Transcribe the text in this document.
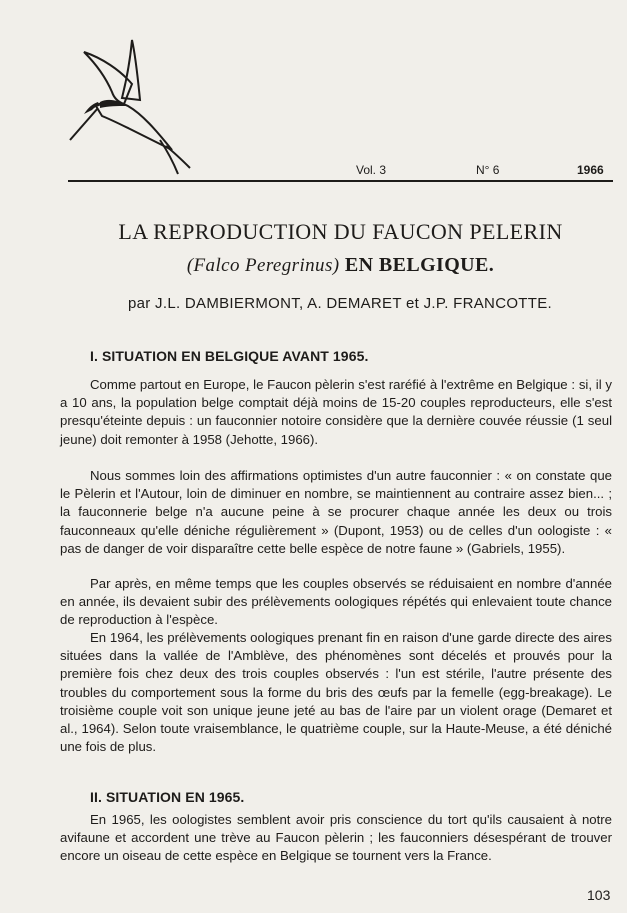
Vol. 3	N° 6	1966
LA REPRODUCTION DU FAUCON PELERIN
(Falco Peregrinus) EN BELGIQUE.
par J.L. DAMBIERMONT, A. DEMARET et J.P. FRANCOTTE.
I. SITUATION EN BELGIQUE AVANT 1965.

Comme partout en Europe, le Faucon pèlerin s'est raréfié à l'extrême en Belgique : si, il y a 10 ans, la population belge comptait déjà moins de 15-20 couples reproducteurs, elle s'est presqu'éteinte depuis : un fauconnier notoire considère que la dernière couvée réussie (1 seul jeune) doit remonter à 1958 (Jehotte, 1966).

Nous sommes loin des affirmations optimistes d'un autre fauconnier : « on constate que le Pèlerin et l'Autour, loin de diminuer en nombre, se maintiennent au contraire assez bien... ; la fauconnerie belge n'a aucune peine à se procurer chaque année les deux ou trois fauconneaux qu'elle déniche régulièrement » (Dupont, 1953) ou de celles d'un oologiste : « pas de danger de voir disparaître cette belle espèce de notre faune » (Gabriels, 1955).

Par après, en même temps que les couples observés se réduisaient en nombre d'année en année, ils devaient subir des prélèvements oologiques répétés qui enlevaient toute chance de reproduction à l'espèce.

En 1964, les prélèvements oologiques prenant fin en raison d'une garde directe des aires situées dans la vallée de l'Amblève, des phénomènes sont décelés et prouvés pour la première fois chez deux des trois couples observés : l'un est stérile, l'autre présente des troubles du comportement sous la forme du bris des œufs par la femelle (egg-breakage). Le troisième couple voit son unique jeune jeté au bas de l'aire par un violent orage (Demaret et al., 1964). Selon toute vraisemblance, le quatrième couple, sur la Haute-Meuse, a été déniché une fois de plus.

II. SITUATION EN 1965.

En 1965, les oologistes semblent avoir pris conscience du tort qu'ils causaient à notre avifaune et accordent une trève au Faucon pèlerin ; les fauconniers désespérant de trouver encore un oiseau de cette espèce en Belgique se tournent vers la France.

103
